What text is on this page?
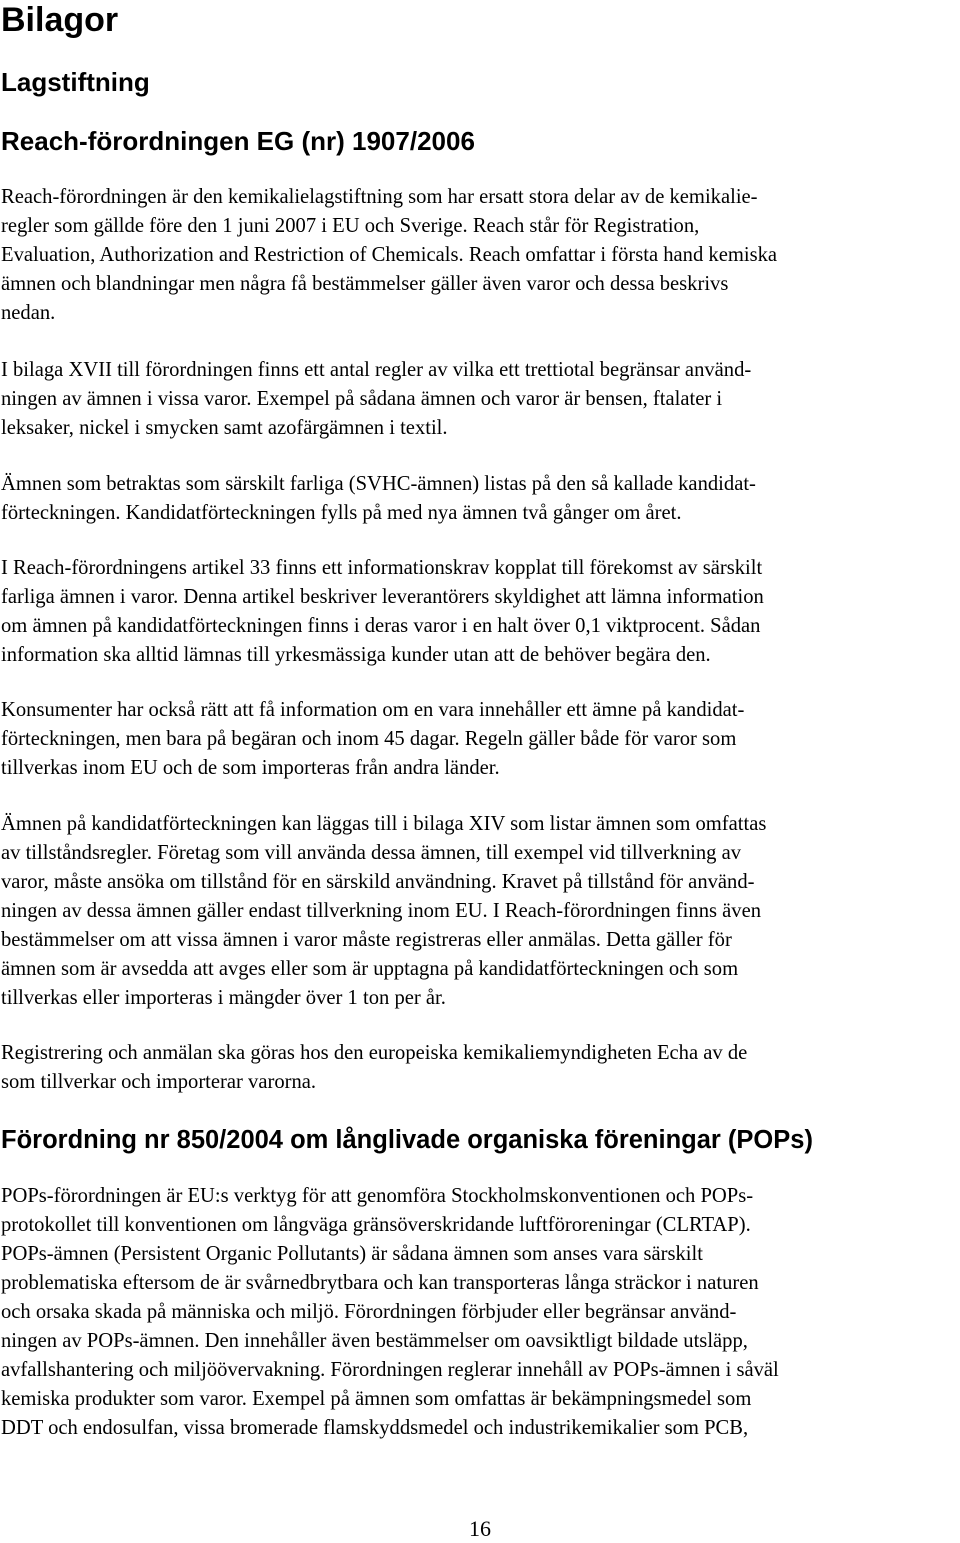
Bilagor
Lagstiftning
Reach-förordningen EG (nr) 1907/2006

Reach-förordningen är den kemikalielagstiftning som har ersatt stora delar av de kemikalie-
regler som gällde före den 1 juni 2007 i EU och Sverige. Reach står för Registration,
Evaluation, Authorization and Restriction of Chemicals. Reach omfattar i första hand kemiska
ämnen och blandningar men några få bestämmelser gäller även varor och dessa beskrivs
nedan.

I bilaga XVII till förordningen finns ett antal regler av vilka ett trettiotal begränsar använd-
ningen av ämnen i vissa varor. Exempel på sådana ämnen och varor är bensen, ftalater i
leksaker, nickel i smycken samt azofärgämnen i textil.

Ämnen som betraktas som särskilt farliga (SVHC-ämnen) listas på den så kallade kandidat-
förteckningen. Kandidatförteckningen fylls på med nya ämnen två gånger om året.

I Reach-förordningens artikel 33 finns ett informationskrav kopplat till förekomst av särskilt
farliga ämnen i varor. Denna artikel beskriver leverantörers skyldighet att lämna information
om ämnen på kandidatförteckningen finns i deras varor i en halt över 0,1 viktprocent. Sådan
information ska alltid lämnas till yrkesmässiga kunder utan att de behöver begära den.

Konsumenter har också rätt att få information om en vara innehåller ett ämne på kandidat-
förteckningen, men bara på begäran och inom 45 dagar. Regeln gäller både för varor som
tillverkas inom EU och de som importeras från andra länder.

Ämnen på kandidatförteckningen kan läggas till i bilaga XIV som listar ämnen som omfattas
av tillståndsregler. Företag som vill använda dessa ämnen, till exempel vid tillverkning av
varor, måste ansöka om tillstånd för en särskild användning. Kravet på tillstånd för använd-
ningen av dessa ämnen gäller endast tillverkning inom EU. I Reach-förordningen finns även
bestämmelser om att vissa ämnen i varor måste registreras eller anmälas. Detta gäller för
ämnen som är avsedda att avges eller som är upptagna på kandidatförteckningen och som
tillverkas eller importeras i mängder över 1 ton per år.

Registrering och anmälan ska göras hos den europeiska kemikaliemyndigheten Echa av de
som tillverkar och importerar varorna.

Förordning nr 850/2004 om långlivade organiska föreningar (POPs)

POPs-förordningen är EU:s verktyg för att genomföra Stockholmskonventionen och POPs-
protokollet till konventionen om långväga gränsöverskridande luftföroreningar (CLRTAP).
POPs-ämnen (Persistent Organic Pollutants) är sådana ämnen som anses vara särskilt
problematiska eftersom de är svårnedbrytbara och kan transporteras långa sträckor i naturen
och orsaka skada på människa och miljö. Förordningen förbjuder eller begränsar använd-
ningen av POPs-ämnen. Den innehåller även bestämmelser om oavsiktligt bildade utsläpp,
avfallshantering och miljöövervakning. Förordningen reglerar innehåll av POPs-ämnen i såväl
kemiska produkter som varor. Exempel på ämnen som omfattas är bekämpningsmedel som
DDT och endosulfan, vissa bromerade flamskyddsmedel och industrikemikalier som PCB,

16
